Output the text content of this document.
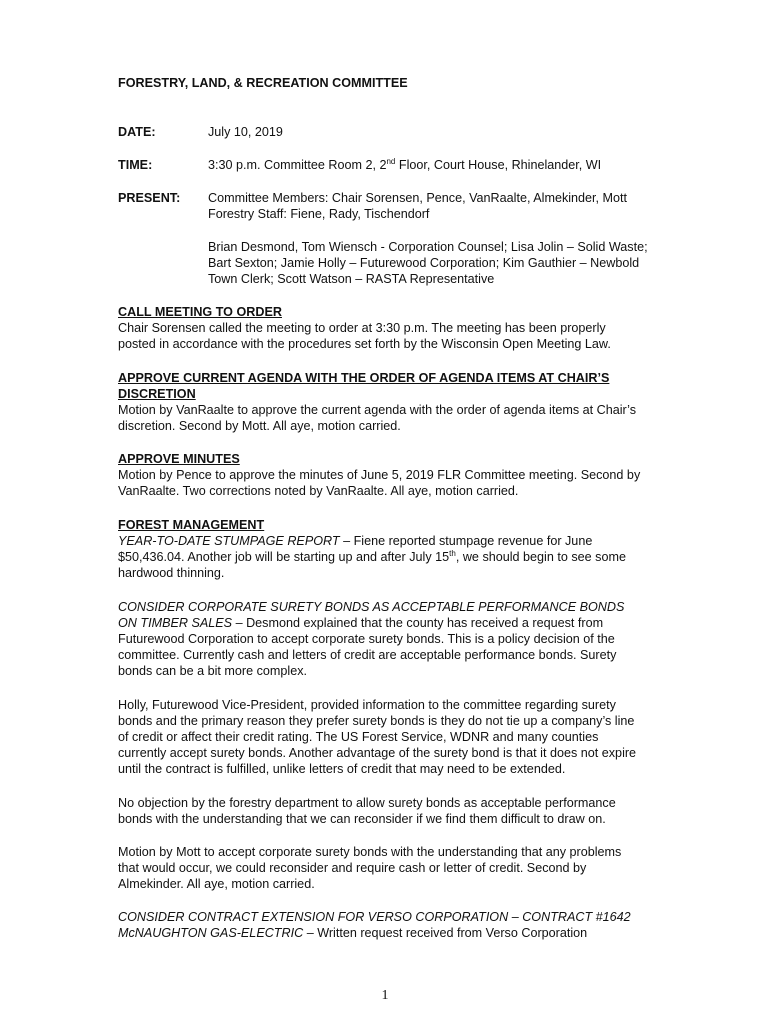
FORESTRY, LAND, & RECREATION COMMITTEE
DATE:	July 10, 2019
TIME:	3:30 p.m. Committee Room 2, 2nd Floor, Court House, Rhinelander, WI
PRESENT: Committee Members: Chair Sorensen, Pence, VanRaalte, Almekinder, Mott

Forestry Staff: Fiene, Rady, Tischendorf

Brian Desmond, Tom Wiensch - Corporation Counsel; Lisa Jolin – Solid Waste;

Bart Sexton; Jamie Holly – Futurewood Corporation; Kim Gauthier – Newbold

Town Clerk; Scott Watson – RASTA Representative

CALL MEETING TO ORDER

Chair Sorensen called the meeting to order at 3:30 p.m. The meeting has been properly

posted in accordance with the procedures set forth by the Wisconsin Open Meeting Law.

APPROVE CURRENT AGENDA WITH THE ORDER OF AGENDA ITEMS AT CHAIR’S

DISCRETION

Motion by VanRaalte to approve the current agenda with the order of agenda items at Chair’s

discretion. Second by Mott. All aye, motion carried.

APPROVE MINUTES

Motion by Pence to approve the minutes of June 5, 2019 FLR Committee meeting. Second by

VanRaalte. Two corrections noted by VanRaalte. All aye, motion carried.

FOREST MANAGEMENT

YEAR-TO-DATE STUMPAGE REPORT – Fiene reported stumpage revenue for June

$50,436.04. Another job will be starting up and after July 15th, we should begin to see some

hardwood thinning.

CONSIDER CORPORATE SURETY BONDS AS ACCEPTABLE PERFORMANCE BONDS

ON TIMBER SALES – Desmond explained that the county has received a request from

Futurewood Corporation to accept corporate surety bonds. This is a policy decision of the

committee. Currently cash and letters of credit are acceptable performance bonds. Surety

bonds can be a bit more complex.

Holly, Futurewood Vice-President, provided information to the committee regarding surety

bonds and the primary reason they prefer surety bonds is they do not tie up a company’s line

of credit or affect their credit rating. The US Forest Service, WDNR and many counties

currently accept surety bonds. Another advantage of the surety bond is that it does not expire

until the contract is fulfilled, unlike letters of credit that may need to be extended.

No objection by the forestry department to allow surety bonds as acceptable performance

bonds with the understanding that we can reconsider if we find them difficult to draw on.

Motion by Mott to accept corporate surety bonds with the understanding that any problems

that would occur, we could reconsider and require cash or letter of credit. Second by

Almekinder. All aye, motion carried.

CONSIDER CONTRACT EXTENSION FOR VERSO CORPORATION – CONTRACT #1642

McNAUGHTON GAS-ELECTRIC – Written request received from Verso Corporation

1
